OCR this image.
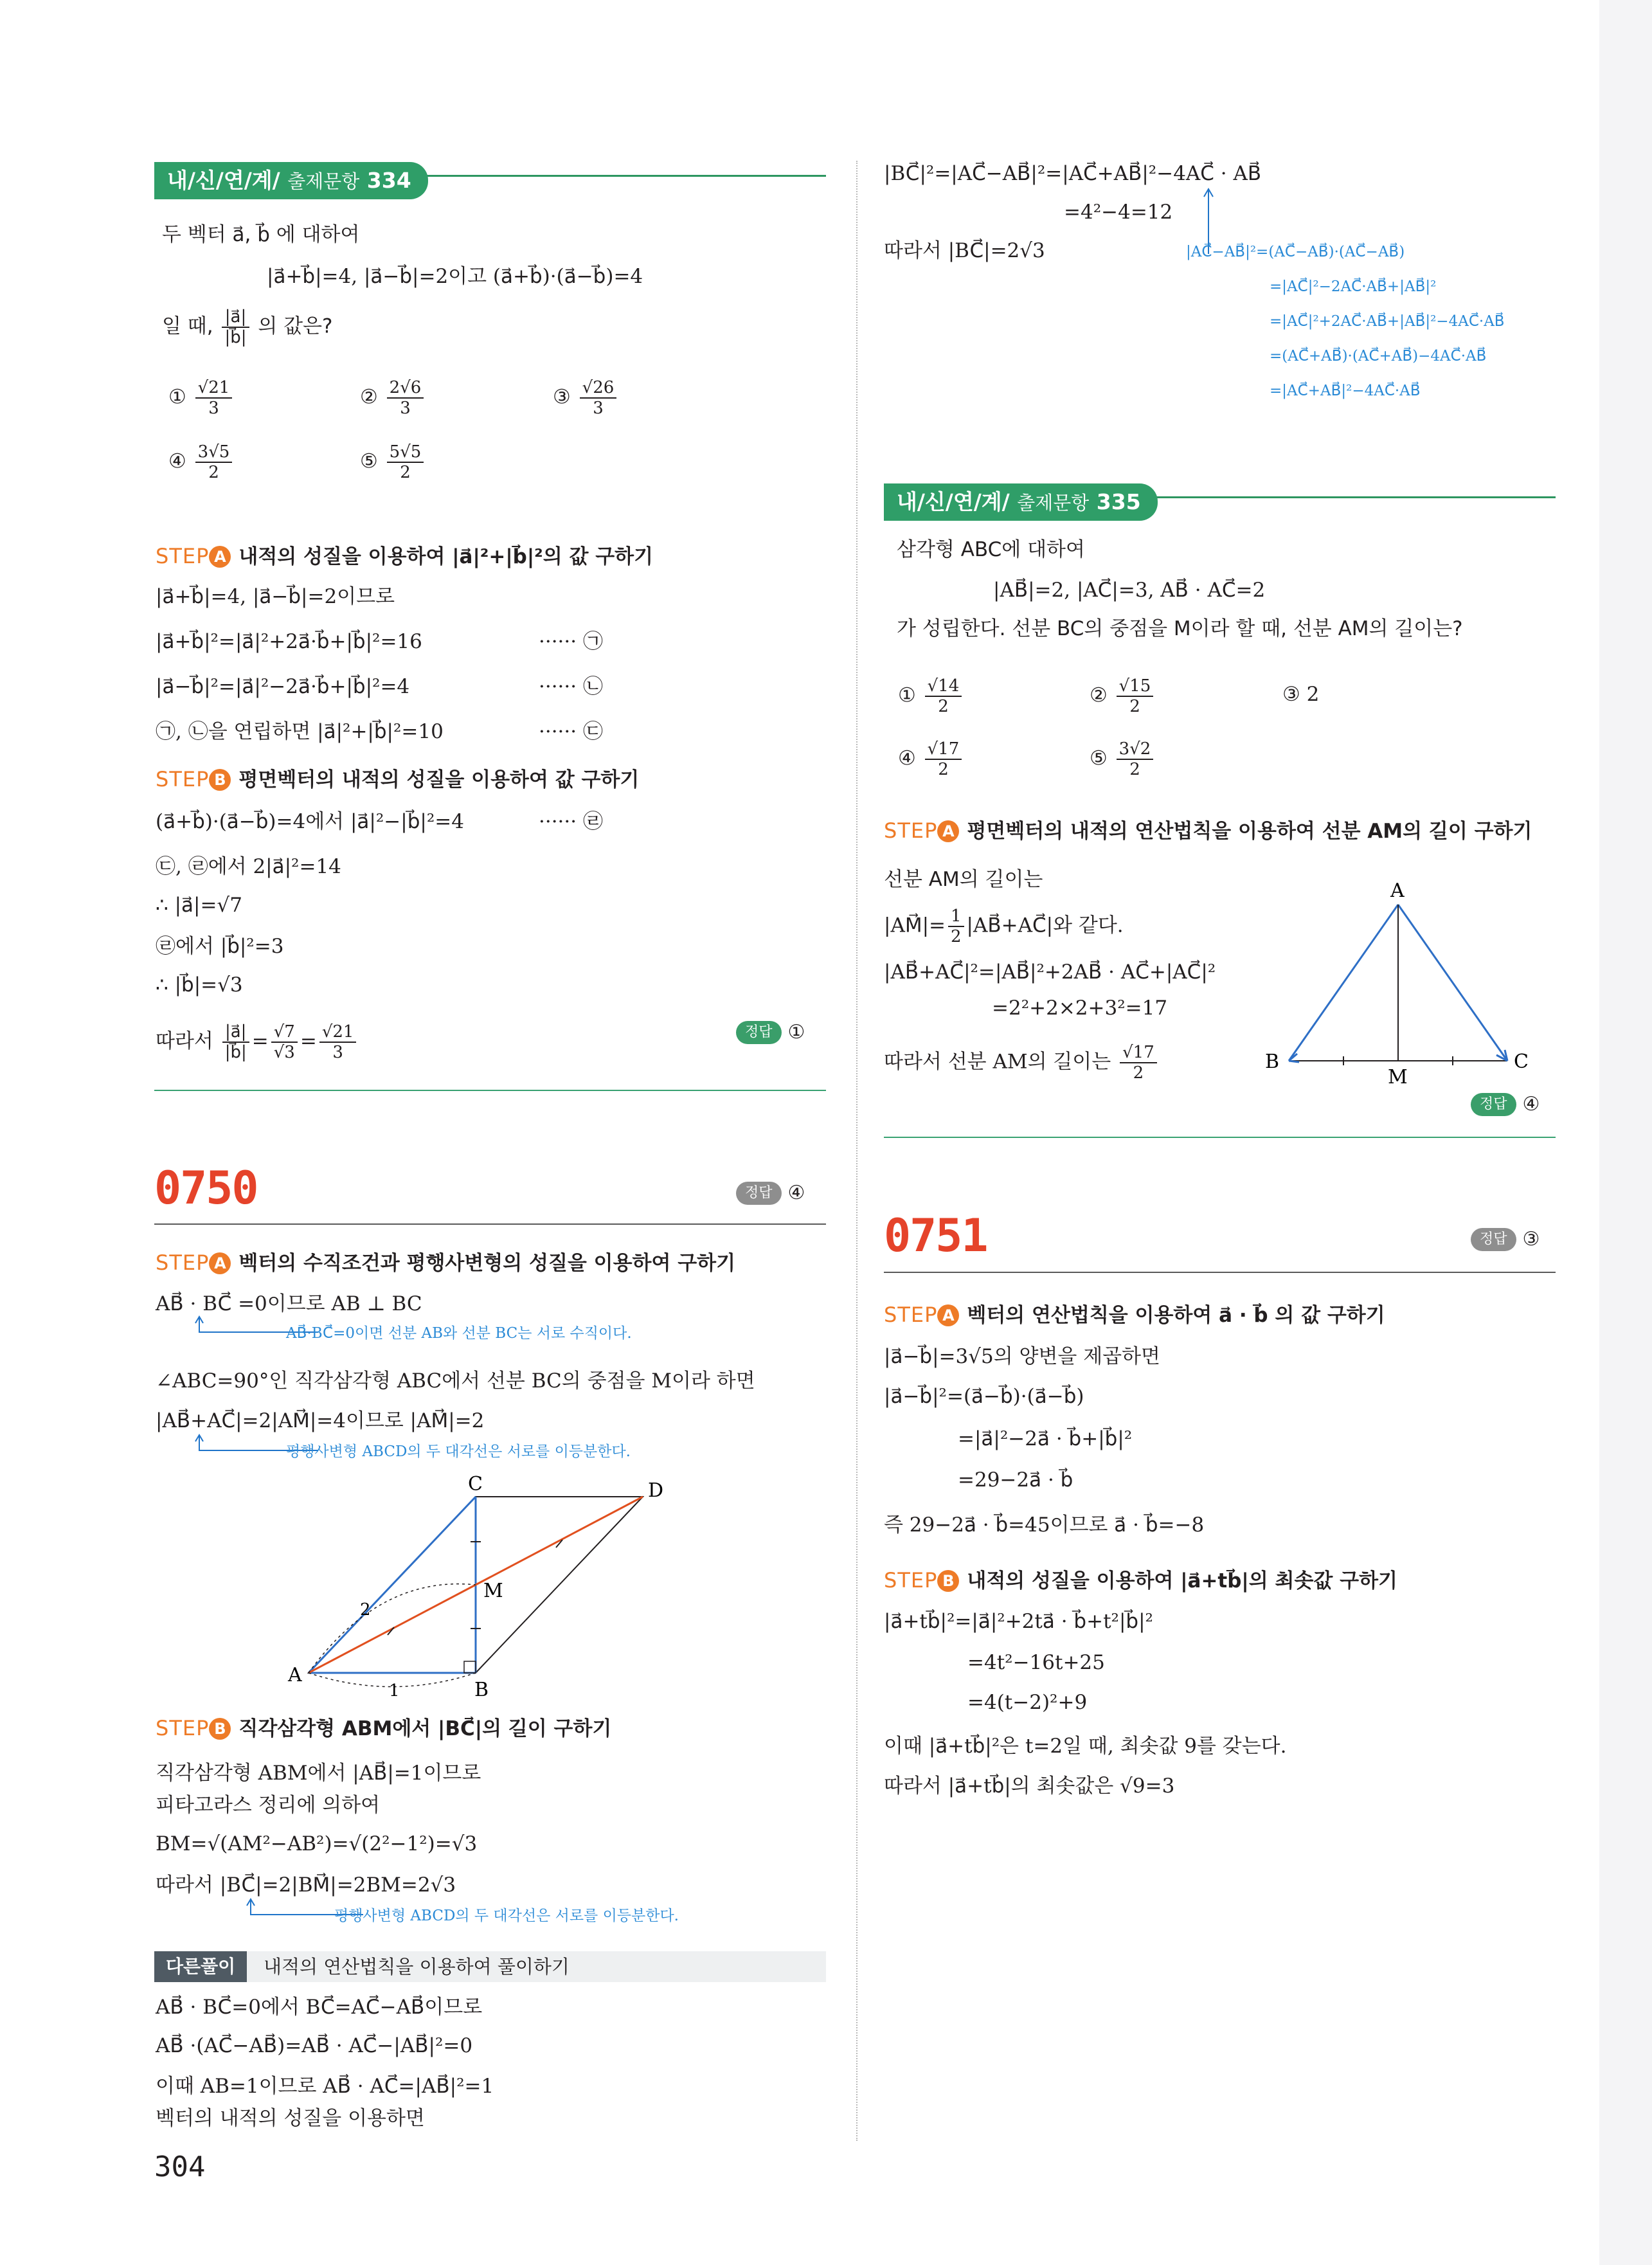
내/신/연/계/ 출제문항 334
두 벡터 a⃗, b⃗ 에 대하여
|a⃗+b⃗|=4, |a⃗−b⃗|=2이고 (a⃗+b⃗)·(a⃗−b⃗)=4
일 때, $\frac{|a⃗|}{|b⃗|}$ 의 값은?
① $\frac{√21}{3}$	② $\frac{2√6}{3}$	③ $\frac{√26}{3}$
④ $\frac{3√5}{2}$	⑤ $\frac{5√5}{2}$
STEP A 내적의 성질을 이용하여 |a⃗|²+|b⃗|²의 값 구하기
|a⃗+b⃗|=4, |a⃗−b⃗|=2이므로
|a⃗+b⃗|²=|a⃗|²+2a⃗·b⃗+|b⃗|²=16	······ ㉠
|a⃗−b⃗|²=|a⃗|²−2a⃗·b⃗+|b⃗|²=4	······ ㉡
㉠, ㉡을 연립하면 |a⃗|²+|b⃗|²=10	······ ㉢
STEP B 평면벡터의 내적의 성질을 이용하여 값 구하기
(a⃗+b⃗)·(a⃗−b⃗)=4에서 |a⃗|²−|b⃗|²=4	······ ㉣
㉢, ㉣에서 2|a⃗|²=14
∴ |a⃗|=√7
㉣에서 |b⃗|²=3
∴ |b⃗|=√3
따라서 $\frac{|a⃗|}{|b⃗|} = \frac{√7}{√3} = \frac{√21}{3}$	정답 ①
0750	정답 ④
STEP A 벡터의 수직조건과 평행사변형의 성질을 이용하여 구하기
AB⃗ · BC⃗ =0이므로 AB ⊥ BC
AB⃗·BC⃗=0이면 선분 AB와 선분 BC는 서로 수직이다.
∠ABC=90°인 직각삼각형 ABC에서 선분 BC의 중점을 M이라 하면
|AB⃗+AC⃗|=2|AM⃗|=4이므로 |AM⃗|=2
평행사변형 ABCD의 두 대각선은 서로를 이등분한다.
A
B
C	D
M
2
1
STEP B 직각삼각형 ABM에서 |BC⃗|의 길이 구하기
직각삼각형 ABM에서 |AB⃗|=1이므로
피타고라스 정리에 의하여
BM=√(AM²−AB²)=√(2²−1²)=√3
따라서 |BC⃗|=2|BM⃗|=2BM=2√3
평행사변형 ABCD의 두 대각선은 서로를 이등분한다.
다른풀이	내적의 연산법칙을 이용하여 풀이하기
AB⃗ · BC⃗=0에서 BC⃗=AC⃗−AB⃗이므로
AB⃗ ·(AC⃗−AB⃗)=AB⃗ · AC⃗−|AB⃗|²=0
이때 AB=1이므로 AB⃗ · AC⃗=|AB⃗|²=1
벡터의 내적의 성질을 이용하면
304
|BC⃗|²=|AC⃗−AB⃗|²=|AC⃗+AB⃗|²−4AC⃗ · AB⃗
=4²−4=12
따라서 |BC⃗|=2√3	|AC⃗−AB⃗|²=(AC⃗−AB⃗)·(AC⃗−AB⃗)
=|AC⃗|²−2AC⃗·AB⃗+|AB⃗|²
=|AC⃗|²+2AC⃗·AB⃗+|AB⃗|²−4AC⃗·AB⃗
=(AC⃗+AB⃗)·(AC⃗+AB⃗)−4AC⃗·AB⃗
=|AC⃗+AB⃗|²−4AC⃗·AB⃗
내/신/연/계/ 출제문항 335
삼각형 ABC에 대하여
|AB⃗|=2, |AC⃗|=3, AB⃗ · AC⃗=2
가 성립한다. 선분 BC의 중점을 M이라 할 때, 선분 AM의 길이는?
① $\frac{√14}{2}$	② $\frac{√15}{2}$	③ 2
④ $\frac{√17}{2}$	⑤ $\frac{3√2}{2}$
STEP A 평면벡터의 내적의 연산법칙을 이용하여 선분 AM의 길이 구하기
선분 AM의 길이는
|AM⃗|= $\frac{1}{2}$ |AB⃗+AC⃗|와 같다.
|AB⃗+AC⃗|²=|AB⃗|²+2AB⃗ · AC⃗+|AC⃗|²
=2²+2×2+3²=17
따라서 선분 AM의 길이는 $\frac{√17}{2}$
A
B	C
M
정답 ④
0751	정답 ③
STEP A 벡터의 연산법칙을 이용하여 a⃗ · b⃗ 의 값 구하기
|a⃗−b⃗|=3√5의 양변을 제곱하면
|a⃗−b⃗|²=(a⃗−b⃗)·(a⃗−b⃗)
=|a⃗|²−2a⃗ · b⃗+|b⃗|²
=29−2a⃗ · b⃗
즉 29−2a⃗ · b⃗=45이므로 a⃗ · b⃗=−8
STEP B 내적의 성질을 이용하여 |a⃗+tb⃗|의 최솟값 구하기
|a⃗+tb⃗|²=|a⃗|²+2ta⃗ · b⃗+t²|b⃗|²
=4t²−16t+25
=4(t−2)²+9
이때 |a⃗+tb⃗|²은 t=2일 때, 최솟값 9를 갖는다.
따라서 |a⃗+tb⃗|의 최솟값은 √9=3
